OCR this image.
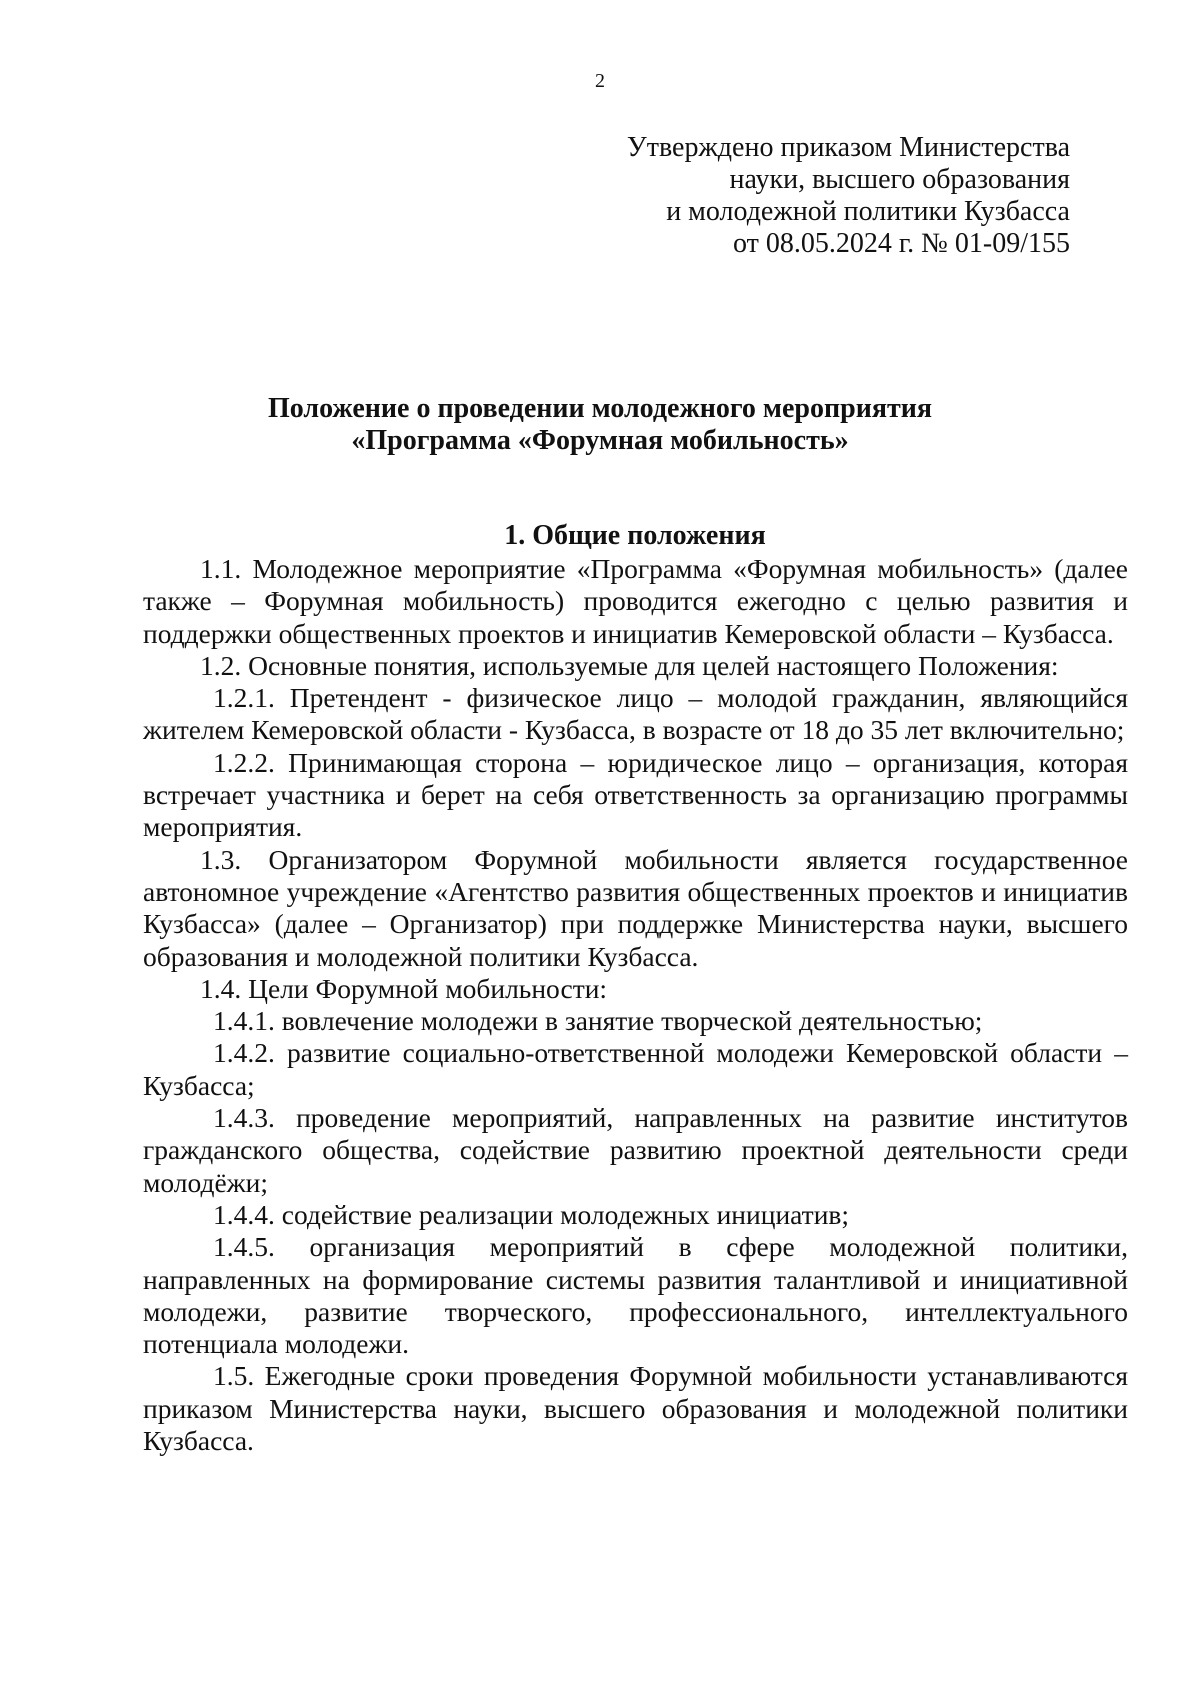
2
Утверждено приказом Министерства
науки, высшего образования
и молодежной политики Кузбасса
от 08.05.2024 г. № 01-09/155
Положение о проведении молодежного мероприятия
«Программа «Форумная мобильность»
1. Общие положения

1.1. Молодежное мероприятие «Программа «Форумная мобильность» (далее также – Форумная мобильность) проводится ежегодно с целью развития и поддержки общественных проектов и инициатив Кемеровской области – Кузбасса.

1.2. Основные понятия, используемые для целей настоящего Положения:

1.2.1. Претендент - физическое лицо – молодой гражданин, являющийся жителем Кемеровской области - Кузбасса, в возрасте от 18 до 35 лет включительно;

1.2.2. Принимающая сторона – юридическое лицо – организация, которая встречает участника и берет на себя ответственность за организацию программы мероприятия.

1.3. Организатором Форумной мобильности является государственное автономное учреждение «Агентство развития общественных проектов и инициатив Кузбасса» (далее – Организатор) при поддержке Министерства науки, высшего образования и молодежной политики Кузбасса.

1.4. Цели Форумной мобильности:

1.4.1. вовлечение молодежи в занятие творческой деятельностью;

1.4.2. развитие социально-ответственной молодежи Кемеровской области – Кузбасса;

1.4.3. проведение мероприятий, направленных на развитие институтов гражданского общества, содействие развитию проектной деятельности среди молодёжи;

1.4.4. содействие реализации молодежных инициатив;

1.4.5. организация мероприятий в сфере молодежной политики, направленных на формирование системы развития талантливой и инициативной молодежи, развитие творческого, профессионального, интеллектуального потенциала молодежи.

1.5. Ежегодные сроки проведения Форумной мобильности устанавливаются приказом Министерства науки, высшего образования и молодежной политики Кузбасса.
